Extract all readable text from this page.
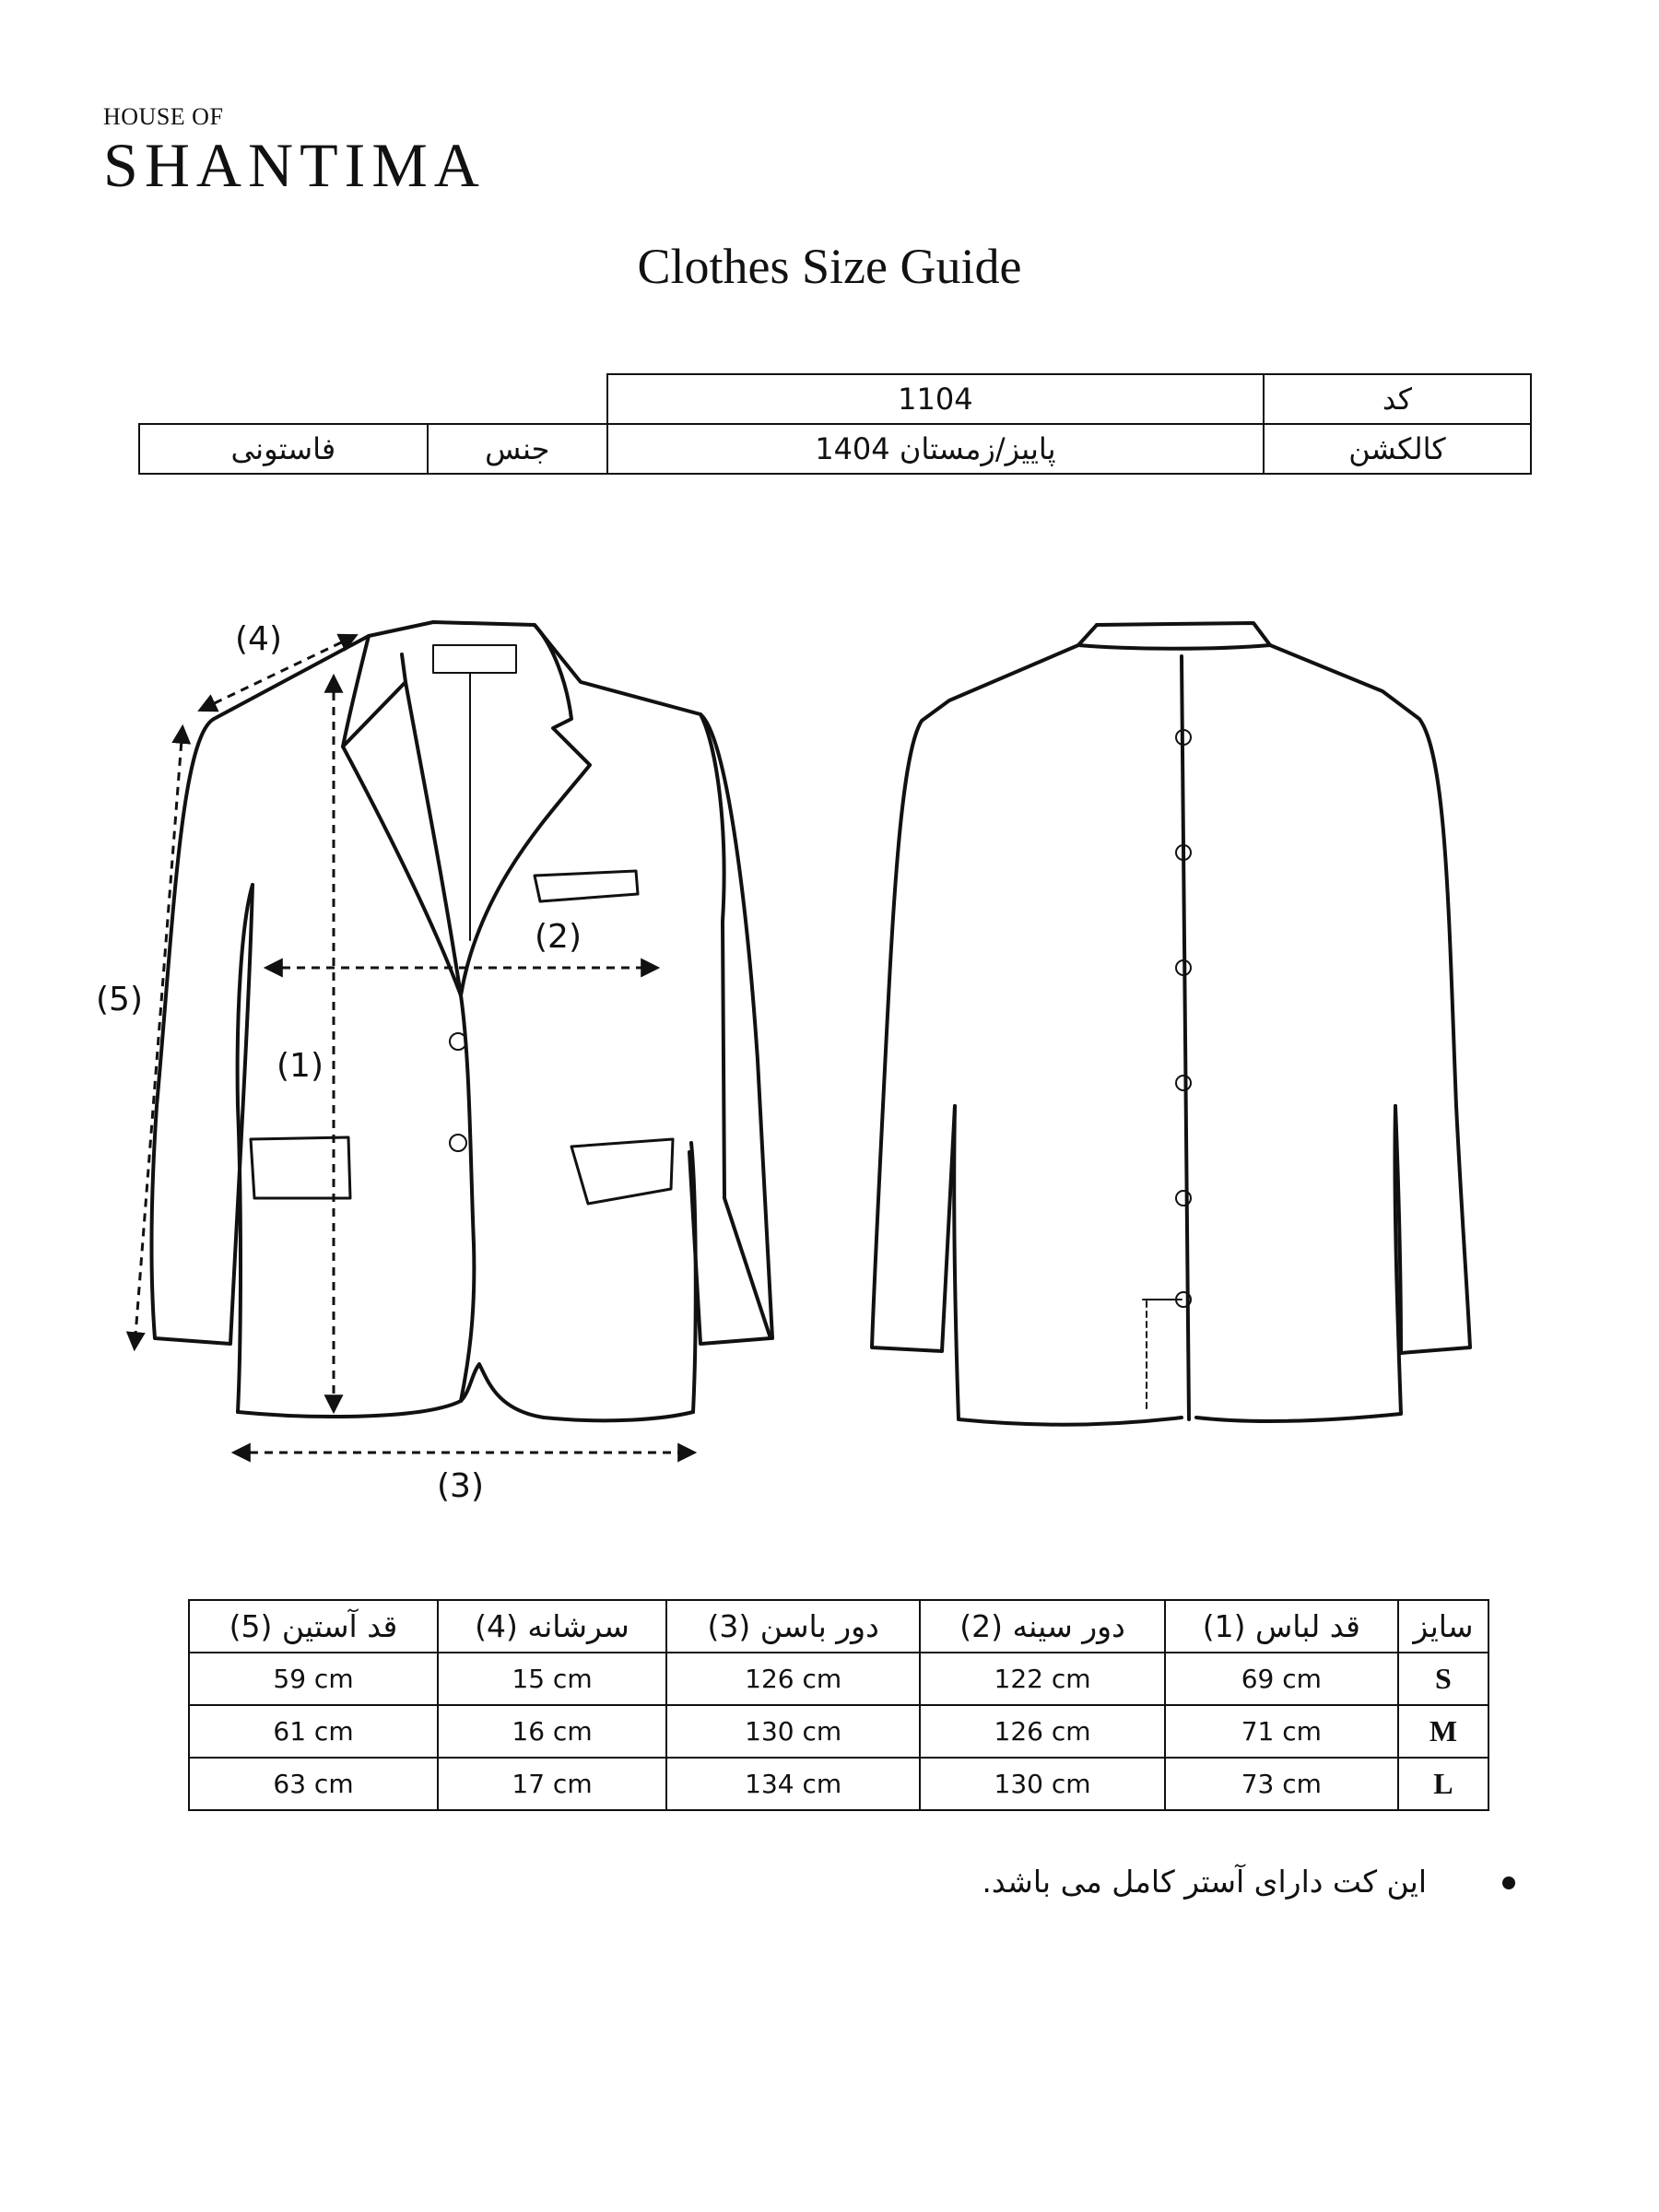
HOUSE OF
SHANTIMA
Clothes Size Guide
		1104	کد
فاستونی	جنس	پاییز/زمستان 1404	کالکشن
(1)
(2)
(3)
(4)
(5)
(5) قد آستین	(4) سرشانه	(3) دور باسن	(2) دور سینه	(1) قد لباس	سایز
59 cm	15 cm	126 cm	122 cm	69 cm	S
61 cm	16 cm	130 cm	126 cm	71 cm	M
63 cm	17 cm	134 cm	130 cm	73 cm	L
این کت دارای آستر کامل می باشد.
